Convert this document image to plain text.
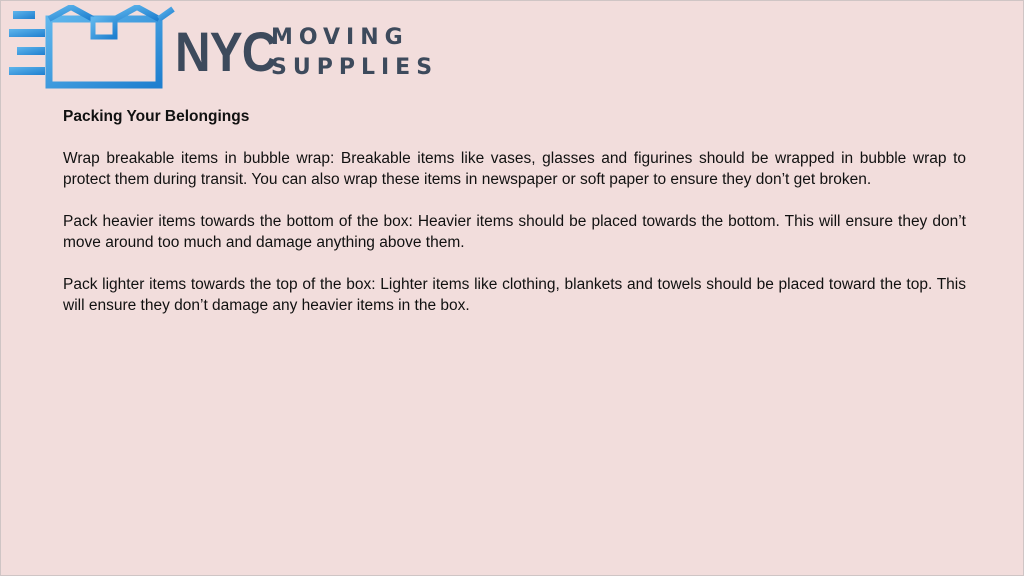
NYC
MOVING
SUPPLIES

Packing Your Belongings

Wrap breakable items in bubble wrap: Breakable items like vases, glasses and figurines should be wrapped in bubble wrap to protect them during transit. You can also wrap these items in newspaper or soft paper to ensure they don’t get broken.

Pack heavier items towards the bottom of the box: Heavier items should be placed towards the bottom. This will ensure they don’t move around too much and damage anything above them.

Pack lighter items towards the top of the box: Lighter items like clothing, blankets and towels should be placed toward the top. This will ensure they don’t damage any heavier items in the box.
